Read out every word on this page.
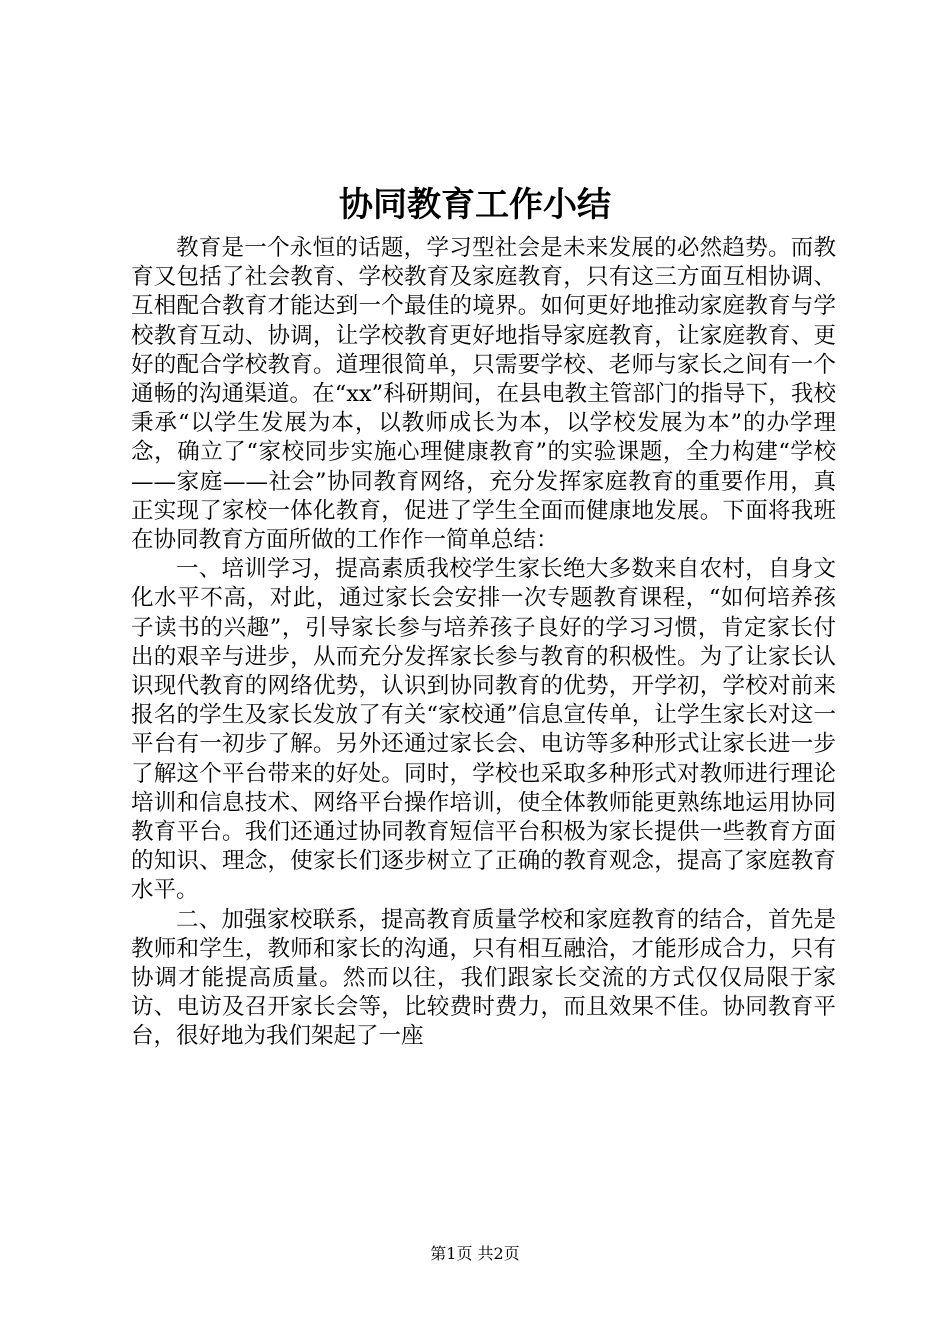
协同教育工作小结

教育是一个永恒的话题，学习型社会是未来发展的必然趋势。而教育又包括了社会教育、学校教育及家庭教育，只有这三方面互相协调、互相配合教育才能达到一个最佳的境界。如何更好地推动家庭教育与学校教育互动、协调，让学校教育更好地指导家庭教育，让家庭教育、更好的配合学校教育。道理很简单，只需要学校、老师与家长之间有一个通畅的沟通渠道。在“xx”科研期间，在县电教主管部门的指导下，我校秉承“以学生发展为本，以教师成长为本，以学校发展为本”的办学理念，确立了“家校同步实施心理健康教育”的实验课题，全力构建“学校——家庭——社会”协同教育网络，充分发挥家庭教育的重要作用，真正实现了家校一体化教育，促进了学生全面而健康地发展。下面将我班在协同教育方面所做的工作作一简单总结：

一、培训学习，提高素质我校学生家长绝大多数来自农村，自身文化水平不高，对此，通过家长会安排一次专题教育课程，“如何培养孩子读书的兴趣”，引导家长参与培养孩子良好的学习习惯，肯定家长付出的艰辛与进步，从而充分发挥家长参与教育的积极性。为了让家长认识现代教育的网络优势，认识到协同教育的优势，开学初，学校对前来报名的学生及家长发放了有关“家校通”信息宣传单，让学生家长对这一平台有一初步了解。另外还通过家长会、电访等多种形式让家长进一步了解这个平台带来的好处。同时，学校也采取多种形式对教师进行理论培训和信息技术、网络平台操作培训，使全体教师能更熟练地运用协同教育平台。我们还通过协同教育短信平台积极为家长提供一些教育方面的知识、理念，使家长们逐步树立了正确的教育观念，提高了家庭教育水平。

二、加强家校联系，提高教育质量学校和家庭教育的结合，首先是教师和学生，教师和家长的沟通，只有相互融洽，才能形成合力，只有协调才能提高质量。然而以往，我们跟家长交流的方式仅仅局限于家访、电访及召开家长会等，比较费时费力，而且效果不佳。协同教育平台，很好地为我们架起了一座

第1页 共2页
